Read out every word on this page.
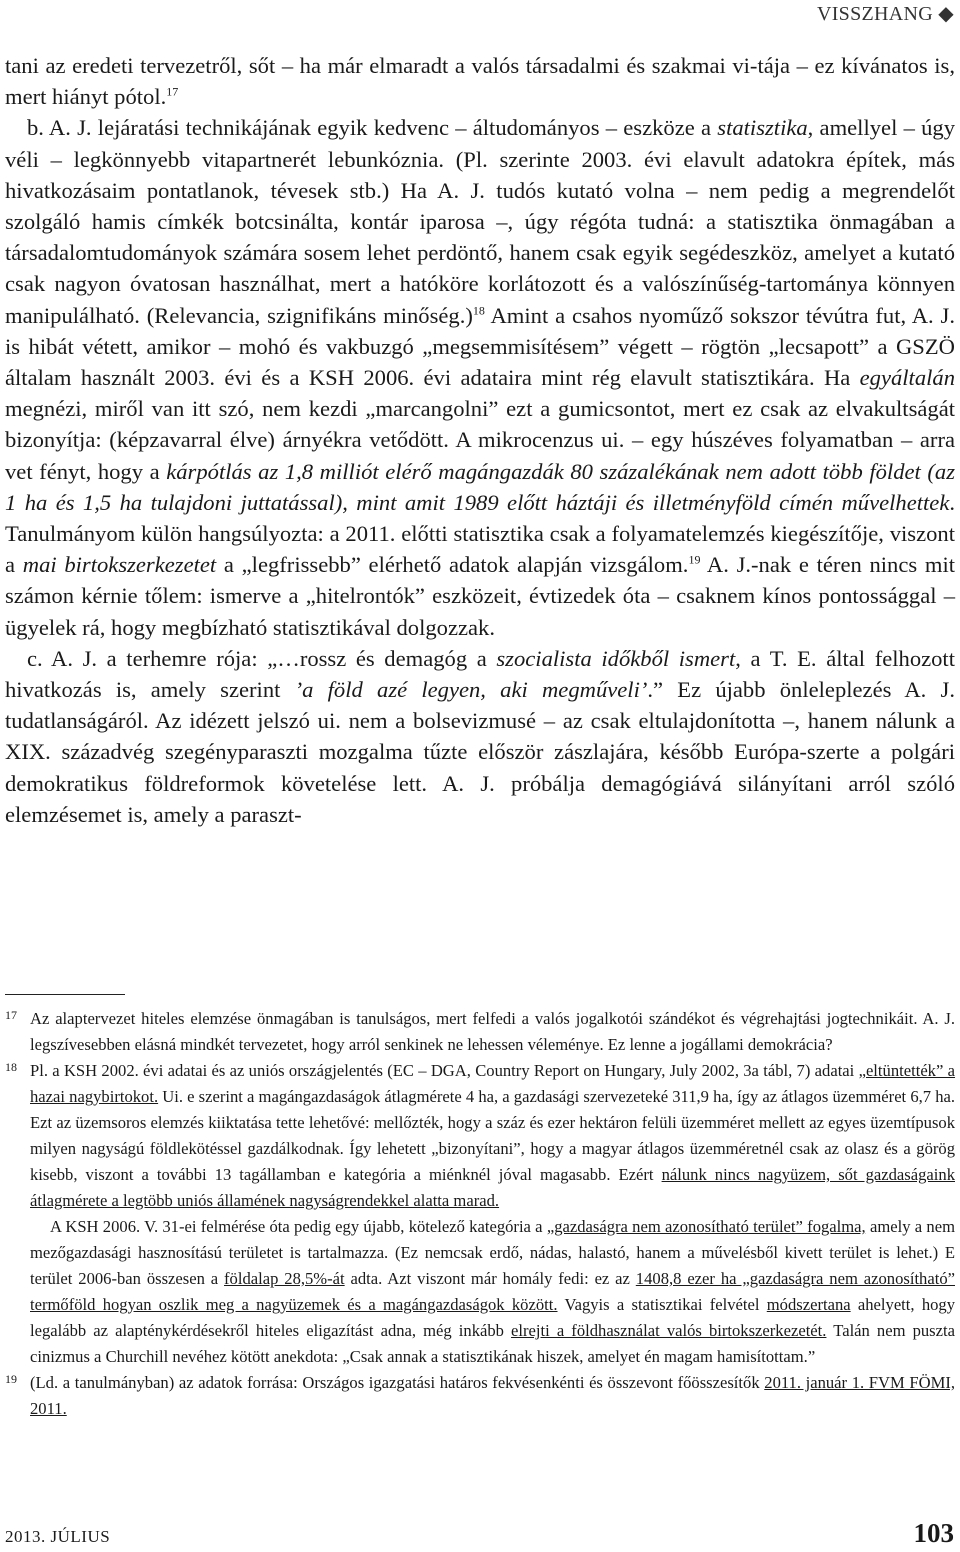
VISSZHANG ◆

tani az eredeti tervezetről, sőt – ha már elmaradt a valós társadalmi és szakmai vi-tája – ez kívánatos is, mert hiányt pótol.$^{17}$

b. A. J. lejáratási technikájának egyik kedvenc – áltudományos – eszköze a statisztika, amellyel – úgy véli – legkönnyebb vitapartnerét lebunkóznia. (Pl. szerinte 2003. évi elavult adatokra építek, más hivatkozásaim pontatlanok, tévesek stb.) Ha A. J. tudós kutató volna – nem pedig a megrendelőt szolgáló hamis címkék botcsinálta, kontár iparosa –, úgy régóta tudná: a statisztika önmagában a társadalomtudományok számára sosem lehet perdöntő, hanem csak egyik segédeszköz, amelyet a kutató csak nagyon óvatosan használhat, mert a hatóköre korlátozott és a valószínűség-tartománya könnyen manipulálható. (Relevancia, szignifikáns minőség.)$^{18}$ Amint a csahos nyoműző sokszor tévútra fut, A. J. is hibát vétett, amikor – mohó és vakbuzgó „megsemmisítésem” végett – rögtön „lecsapott” a GSZÖ általam használt 2003. évi és a KSH 2006. évi adataira mint rég elavult statisztikára. Ha egyáltalán megnézi, miről van itt szó, nem kezdi „marcangolni” ezt a gumicsontot, mert ez csak az elvakultságát bizonyítja: (képzavarral élve) árnyékra vetődött. A mikrocenzus ui. – egy húszéves folyamatban – arra vet fényt, hogy a kárpótlás az 1,8 milliót elérő magángazdák 80 százalékának nem adott több földet (az 1 ha és 1,5 ha tulajdoni juttatással), mint amit 1989 előtt háztáji és illetményföld címén művelhettek. Tanulmányom külön hangsúlyozta: a 2011. előtti statisztika csak a folyamatelemzés kiegészítője, viszont a mai birtokszerkezetet a „legfrissebb” elérhető adatok alapján vizsgálom.$^{19}$ A. J.-nak e téren nincs mit számon kérnie tőlem: ismerve a „hitelrontók” eszközeit, évtizedek óta – csaknem kínos pontossággal – ügyelek rá, hogy megbízható statisztikával dolgozzak.

c. A. J. a terhemre rója: „…rossz és demagóg a szocialista időkből ismert, a T. E. által felhozott hivatkozás is, amely szerint ’a föld azé legyen, aki megműveli’.” Ez újabb önleleplezés A. J. tudatlanságáról. Az idézett jelszó ui. nem a bolsevizmusé – az csak eltulajdonította –, hanem nálunk a XIX. századvég szegényparaszti mozgalma tűzte először zászlajára, később Európa-szerte a polgári demokratikus földreformok követelése lett. A. J. próbálja demagógiává silányítani arról szóló elemzésemet is, amely a paraszt-

17 Az alaptervezet hiteles elemzése önmagában is tanulságos, mert felfedi a valós jogalkotói szándékot és végrehajtási jogtechnikáit. A. J. legszívesebben elásná mindkét tervezetet, hogy arról senkinek ne lehessen véleménye. Ez lenne a jogállami demokrácia?

18 Pl. a KSH 2002. évi adatai és az uniós országjelentés (EC – DGA, Country Report on Hungary, July 2002, 3a tábl, 7) adatai „eltüntették” a hazai nagybirtokot. Ui. e szerint a magángazdaságok átlagmérete 4 ha, a gazdasági szervezeteké 311,9 ha, így az átlagos üzemméret 6,7 ha. Ezt az üzemsoros elemzés kiiktatása tette lehetővé: mellőzték, hogy a száz és ezer hektáron felüli üzemméret mellett az egyes üzemtípusok milyen nagyságú földlekötéssel gazdálkodnak. Így lehetett „bizonyítani”, hogy a magyar átlagos üzemméretnél csak az olasz és a görög kisebb, viszont a további 13 tagállamban e kategória a miénknél jóval magasabb. Ezért nálunk nincs nagyüzem, sőt gazdaságaink átlagmérete a legtöbb uniós államének nagyságrendekkel alatta marad.

A KSH 2006. V. 31-ei felmérése óta pedig egy újabb, kötelező kategória a „gazdaságra nem azonosítható terület” fogalma, amely a nem mezőgazdasági hasznosítású területet is tartalmazza. (Ez nemcsak erdő, nádas, halastó, hanem a művelésből kivett terület is lehet.) E terület 2006-ban összesen a földalap 28,5%-át adta. Azt viszont már homály fedi: ez az 1408,8 ezer ha „gazdaságra nem azonosítható” termőföld hogyan oszlik meg a nagyüzemek és a magángazdaságok között. Vagyis a statisztikai felvétel módszertana ahelyett, hogy legalább az alapténykérdésekről hiteles eligazítást adna, még inkább elrejti a földhasználat valós birtokszerkezetét. Talán nem puszta cinizmus a Churchill nevéhez kötött anekdota: „Csak annak a statisztikának hiszek, amelyet én magam hamisítottam.”

19 (Ld. a tanulmányban) az adatok forrása: Országos igazgatási határos fekvésenkénti és összevont főösszesítők 2011. január 1. FVM FÖMI, 2011.

2013. JÚLIUS	103
